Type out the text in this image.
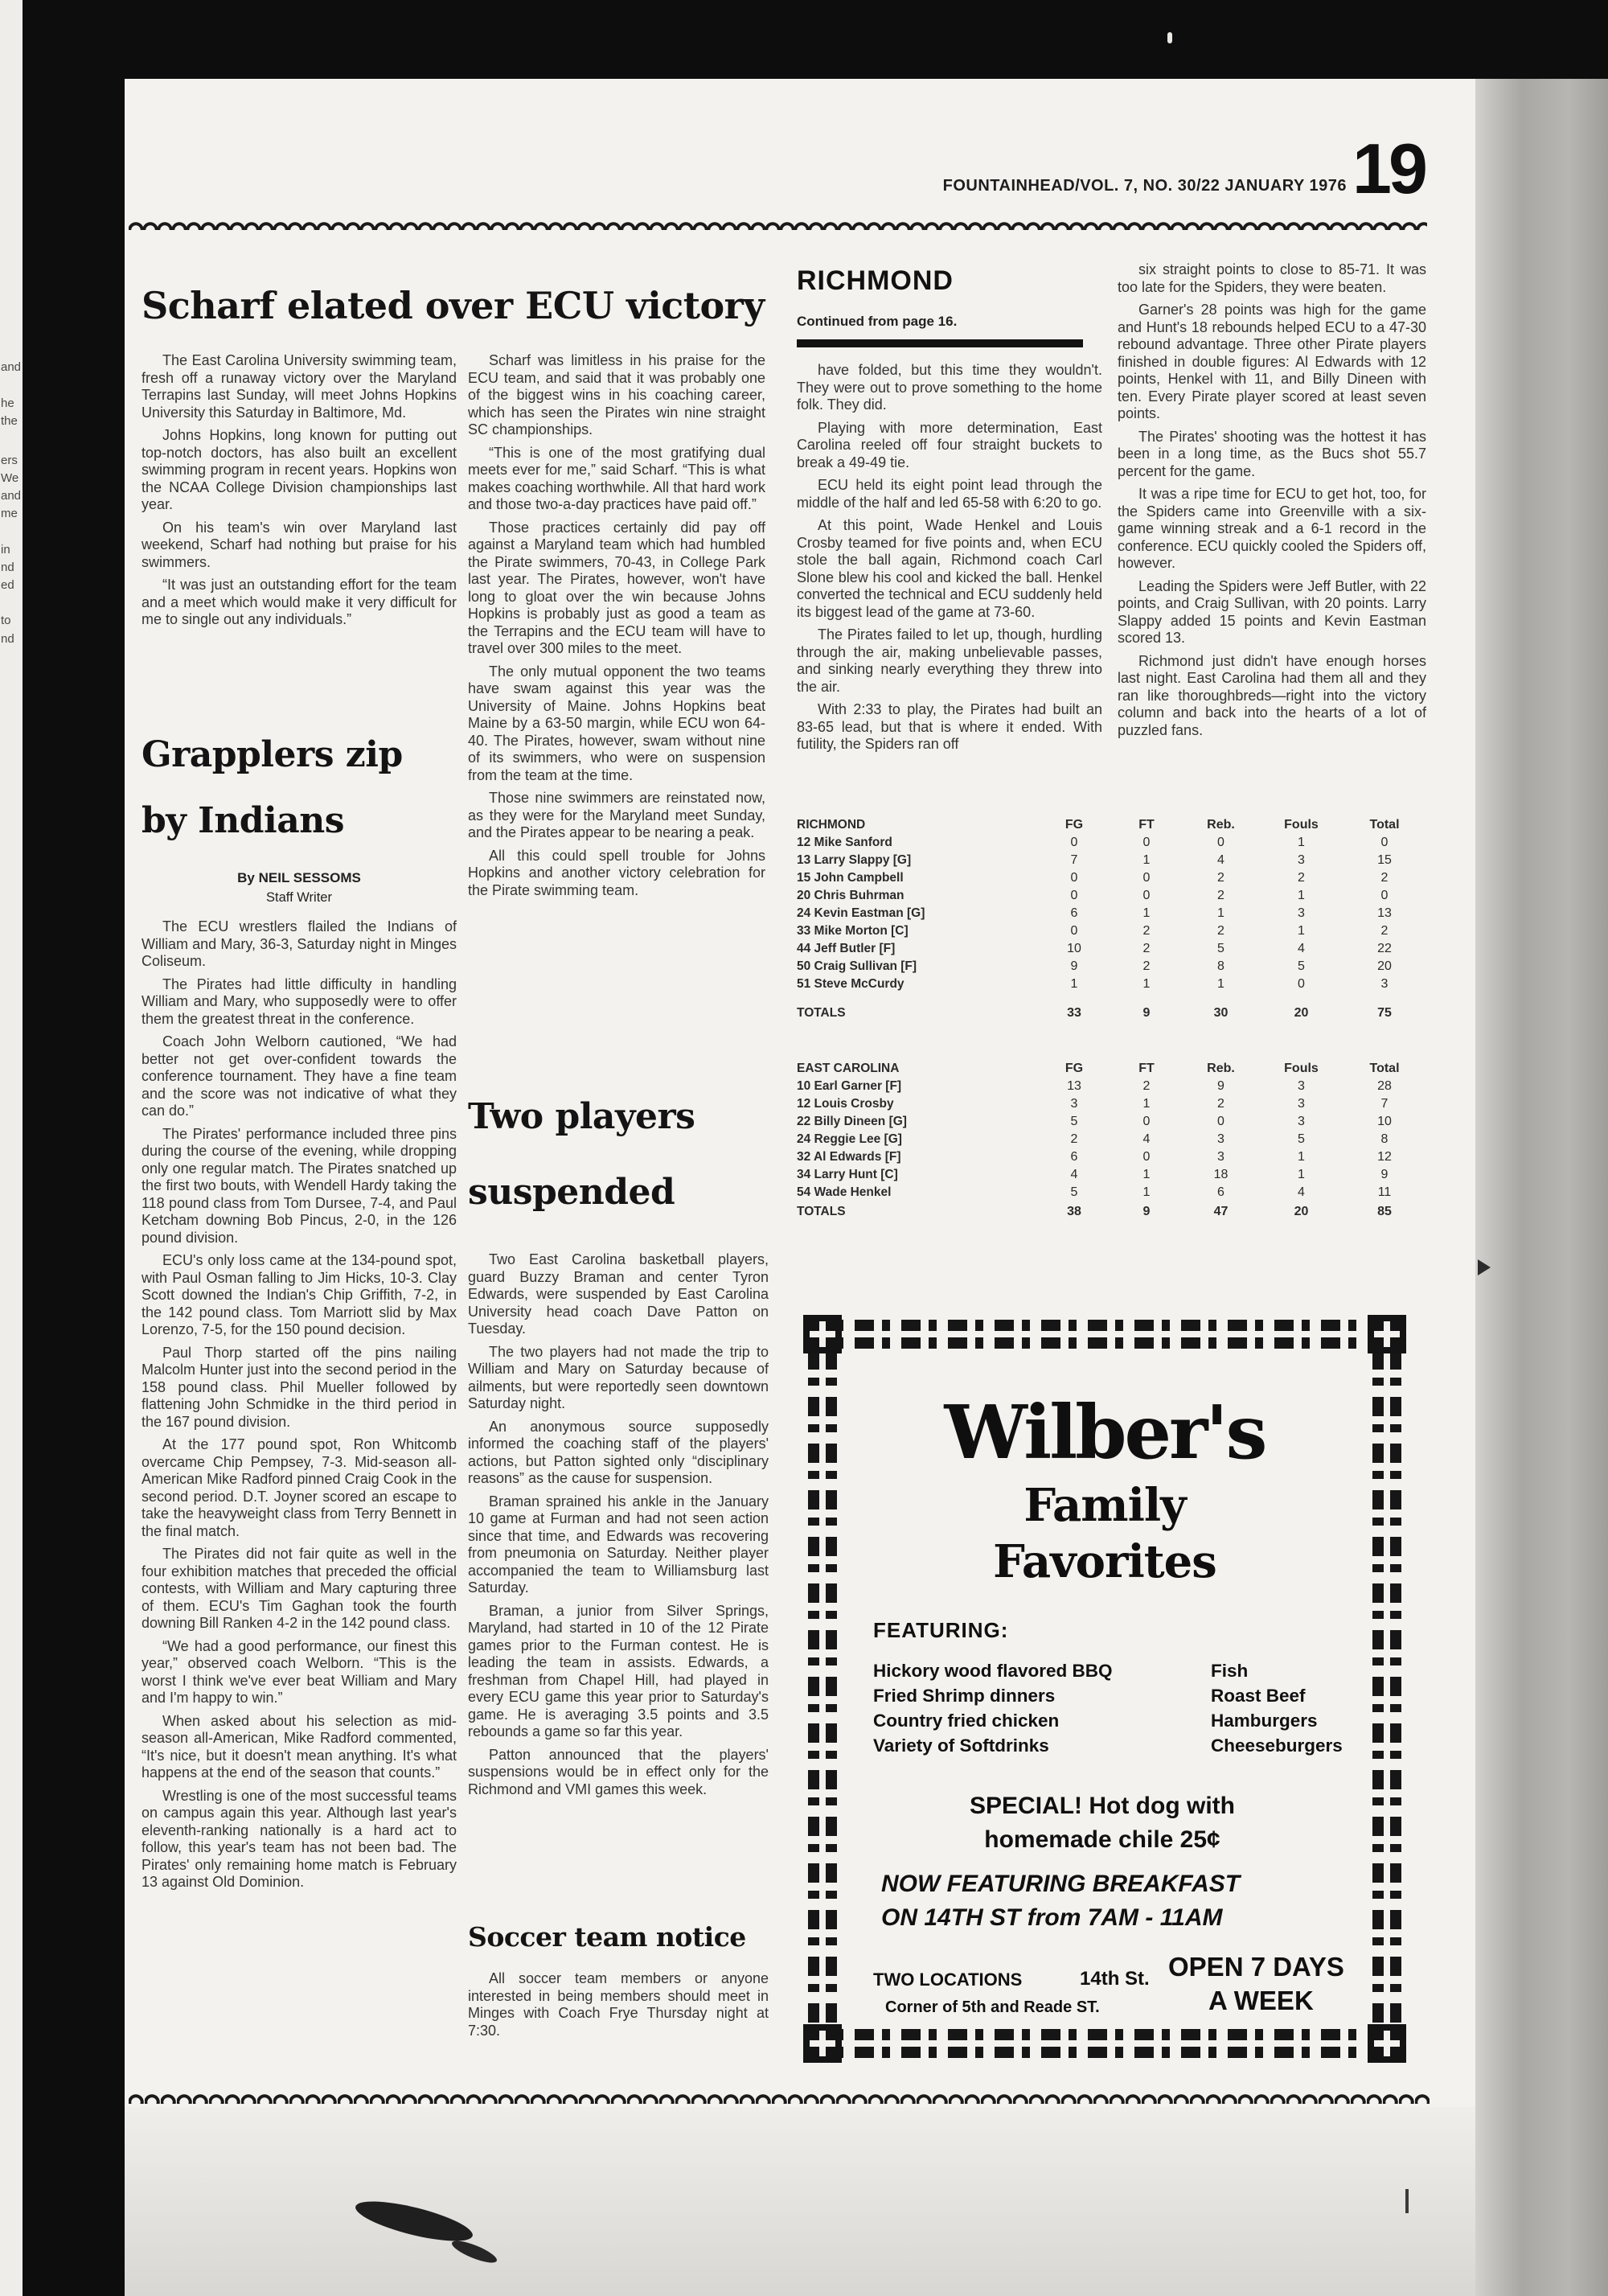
and
he
the
ers
We
and
me
in
nd
ed
to
nd
FOUNTAINHEAD/VOL. 7, NO. 30/22 JANUARY 1976 19
Scharf elated over ECU victory

The East Carolina University swimming team, fresh off a runaway victory over the Maryland Terrapins last Sunday, will meet Johns Hopkins University this Saturday in Baltimore, Md.

Johns Hopkins, long known for putting out top-notch doctors, has also built an excellent swimming program in recent years. Hopkins won the NCAA College Division championships last year.

On his team's win over Maryland last weekend, Scharf had nothing but praise for his swimmers.

“It was just an outstanding effort for the team and a meet which would make it very difficult for me to single out any individuals.”

Scharf was limitless in his praise for the ECU team, and said that it was probably one of the biggest wins in his coaching career, which has seen the Pirates win nine straight SC championships.

“This is one of the most gratifying dual meets ever for me,” said Scharf. “This is what makes coaching worthwhile. All that hard work and those two-a-day practices have paid off.”

Those practices certainly did pay off against a Maryland team which had humbled the Pirate swimmers, 70-43, in College Park last year. The Pirates, however, won't have long to gloat over the win because Johns Hopkins is probably just as good a team as the Terrapins and the ECU team will have to travel over 300 miles to the meet.

The only mutual opponent the two teams have swam against this year was the University of Maine. Johns Hopkins beat Maine by a 63-50 margin, while ECU won 64-40. The Pirates, however, swam without nine of its swimmers, who were on suspension from the team at the time.

Those nine swimmers are reinstated now, as they were for the Maryland meet Sunday, and the Pirates appear to be nearing a peak.

All this could spell trouble for Johns Hopkins and another victory celebration for the Pirate swimming team.

Grapplers zip
by Indians
By NEIL SESSOMS
Staff Writer

The ECU wrestlers flailed the Indians of William and Mary, 36-3, Saturday night in Minges Coliseum.

The Pirates had little difficulty in handling William and Mary, who supposedly were to offer them the greatest threat in the conference.

Coach John Welborn cautioned, “We had better not get over-confident towards the conference tournament. They have a fine team and the score was not indicative of what they can do.”

The Pirates' performance included three pins during the course of the evening, while dropping only one regular match. The Pirates snatched up the first two bouts, with Wendell Hardy taking the 118 pound class from Tom Dursee, 7-4, and Paul Ketcham downing Bob Pincus, 2-0, in the 126 pound division.

ECU's only loss came at the 134-pound spot, with Paul Osman falling to Jim Hicks, 10-3. Clay Scott downed the Indian's Chip Griffith, 7-2, in the 142 pound class. Tom Marriott slid by Max Lorenzo, 7-5, for the 150 pound decision.

Paul Thorp started off the pins nailing Malcolm Hunter just into the second period in the 158 pound class. Phil Mueller followed by flattening John Schmidke in the third period in the 167 pound division.

At the 177 pound spot, Ron Whitcomb overcame Chip Pempsey, 7-3. Mid-season all-American Mike Radford pinned Craig Cook in the second period. D.T. Joyner scored an escape to take the heavyweight class from Terry Bennett in the final match.

The Pirates did not fair quite as well in the four exhibition matches that preceded the official contests, with William and Mary capturing three of them. ECU's Tim Gaghan took the fourth downing Bill Ranken 4-2 in the 142 pound class.

“We had a good performance, our finest this year,” observed coach Welborn. “This is the worst I think we've ever beat William and Mary and I'm happy to win.”

When asked about his selection as mid-season all-American, Mike Radford commented, “It's nice, but it doesn't mean anything. It's what happens at the end of the season that counts.”

Wrestling is one of the most successful teams on campus again this year. Although last year's eleventh-ranking nationally is a hard act to follow, this year's team has not been bad. The Pirates' only remaining home match is February 13 against Old Dominion.

Two players
suspended

Two East Carolina basketball players, guard Buzzy Braman and center Tyron Edwards, were suspended by East Carolina University head coach Dave Patton on Tuesday.

The two players had not made the trip to William and Mary on Saturday because of ailments, but were reportedly seen downtown Saturday night.

An anonymous source supposedly informed the coaching staff of the players' actions, but Patton sighted only “disciplinary reasons” as the cause for suspension.

Braman sprained his ankle in the January 10 game at Furman and had not seen action since that time, and Edwards was recovering from pneumonia on Saturday. Neither player accompanied the team to Williamsburg last Saturday.

Braman, a junior from Silver Springs, Maryland, had started in 10 of the 12 Pirate games prior to the Furman contest. He is leading the team in assists. Edwards, a freshman from Chapel Hill, had played in every ECU game this year prior to Saturday's game. He is averaging 3.5 points and 3.5 rebounds a game so far this year.

Patton announced that the players' suspensions would be in effect only for the Richmond and VMI games this week.

Soccer team notice

All soccer team members or anyone interested in being members should meet in Minges with Coach Frye Thursday night at 7:30.

RICHMOND
Continued from page 16.

have folded, but this time they wouldn't. They were out to prove something to the home folk. They did.

Playing with more determination, East Carolina reeled off four straight buckets to break a 49-49 tie.

ECU held its eight point lead through the middle of the half and led 65-58 with 6:20 to go.

At this point, Wade Henkel and Louis Crosby teamed for five points and, when ECU stole the ball again, Richmond coach Carl Slone blew his cool and kicked the ball. Henkel converted the technical and ECU suddenly held its biggest lead of the game at 73-60.

The Pirates failed to let up, though, hurdling through the air, making unbelievable passes, and sinking nearly everything they threw into the air.

With 2:33 to play, the Pirates had built an 83-65 lead, but that is where it ended. With futility, the Spiders ran off

six straight points to close to 85-71. It was too late for the Spiders, they were beaten.

Garner's 28 points was high for the game and Hunt's 18 rebounds helped ECU to a 47-30 rebound advantage. Three other Pirate players finished in double figures: Al Edwards with 12 points, Henkel with 11, and Billy Dineen with ten. Every Pirate player scored at least seven points.

The Pirates' shooting was the hottest it has been in a long time, as the Bucs shot 55.7 percent for the game.

It was a ripe time for ECU to get hot, too, for the Spiders came into Greenville with a six-game winning streak and a 6-1 record in the conference. ECU quickly cooled the Spiders off, however.

Leading the Spiders were Jeff Butler, with 22 points, and Craig Sullivan, with 20 points. Larry Slappy added 15 points and Kevin Eastman scored 13.

Richmond just didn't have enough horses last night. East Carolina had them all and they ran like thoroughbreds—right into the victory column and back into the hearts of a lot of puzzled fans.

RICHMOND	FG	FT	Reb.	Fouls	Total
12 Mike Sanford	0	0	0	1	0
13 Larry Slappy [G]	7	1	4	3	15
15 John Campbell	0	0	2	2	2
20 Chris Buhrman	0	0	2	1	0
24 Kevin Eastman [G]	6	1	1	3	13
33 Mike Morton [C]	0	2	2	1	2
44 Jeff Butler [F]	10	2	5	4	22
50 Craig Sullivan [F]	9	2	8	5	20
51 Steve McCurdy	1	1	1	0	3
TOTALS	33	9	30	20	75
EAST CAROLINA	FG	FT	Reb.	Fouls	Total
10 Earl Garner [F]	13	2	9	3	28
12 Louis Crosby	3	1	2	3	7
22 Billy Dineen [G]	5	0	0	3	10
24 Reggie Lee [G]	2	4	3	5	8
32 Al Edwards [F]	6	0	3	1	12
34 Larry Hunt [C]	4	1	18	1	9
54 Wade Henkel	5	1	6	4	11
TOTALS	38	9	47	20	85
Wilber's
Family
Favorites
FEATURING:
Hickory wood flavored BBQ
Fried Shrimp dinners
Country fried chicken
Variety of Softdrinks
Fish
Roast Beef
Hamburgers
Cheeseburgers
SPECIAL! Hot dog with
homemade chile 25¢
NOW FEATURING BREAKFAST
ON 14TH ST from 7AM - 11AM
TWO LOCATIONS	14th St.
Corner of 5th and Reade ST.
OPEN 7 DAYS
A WEEK
